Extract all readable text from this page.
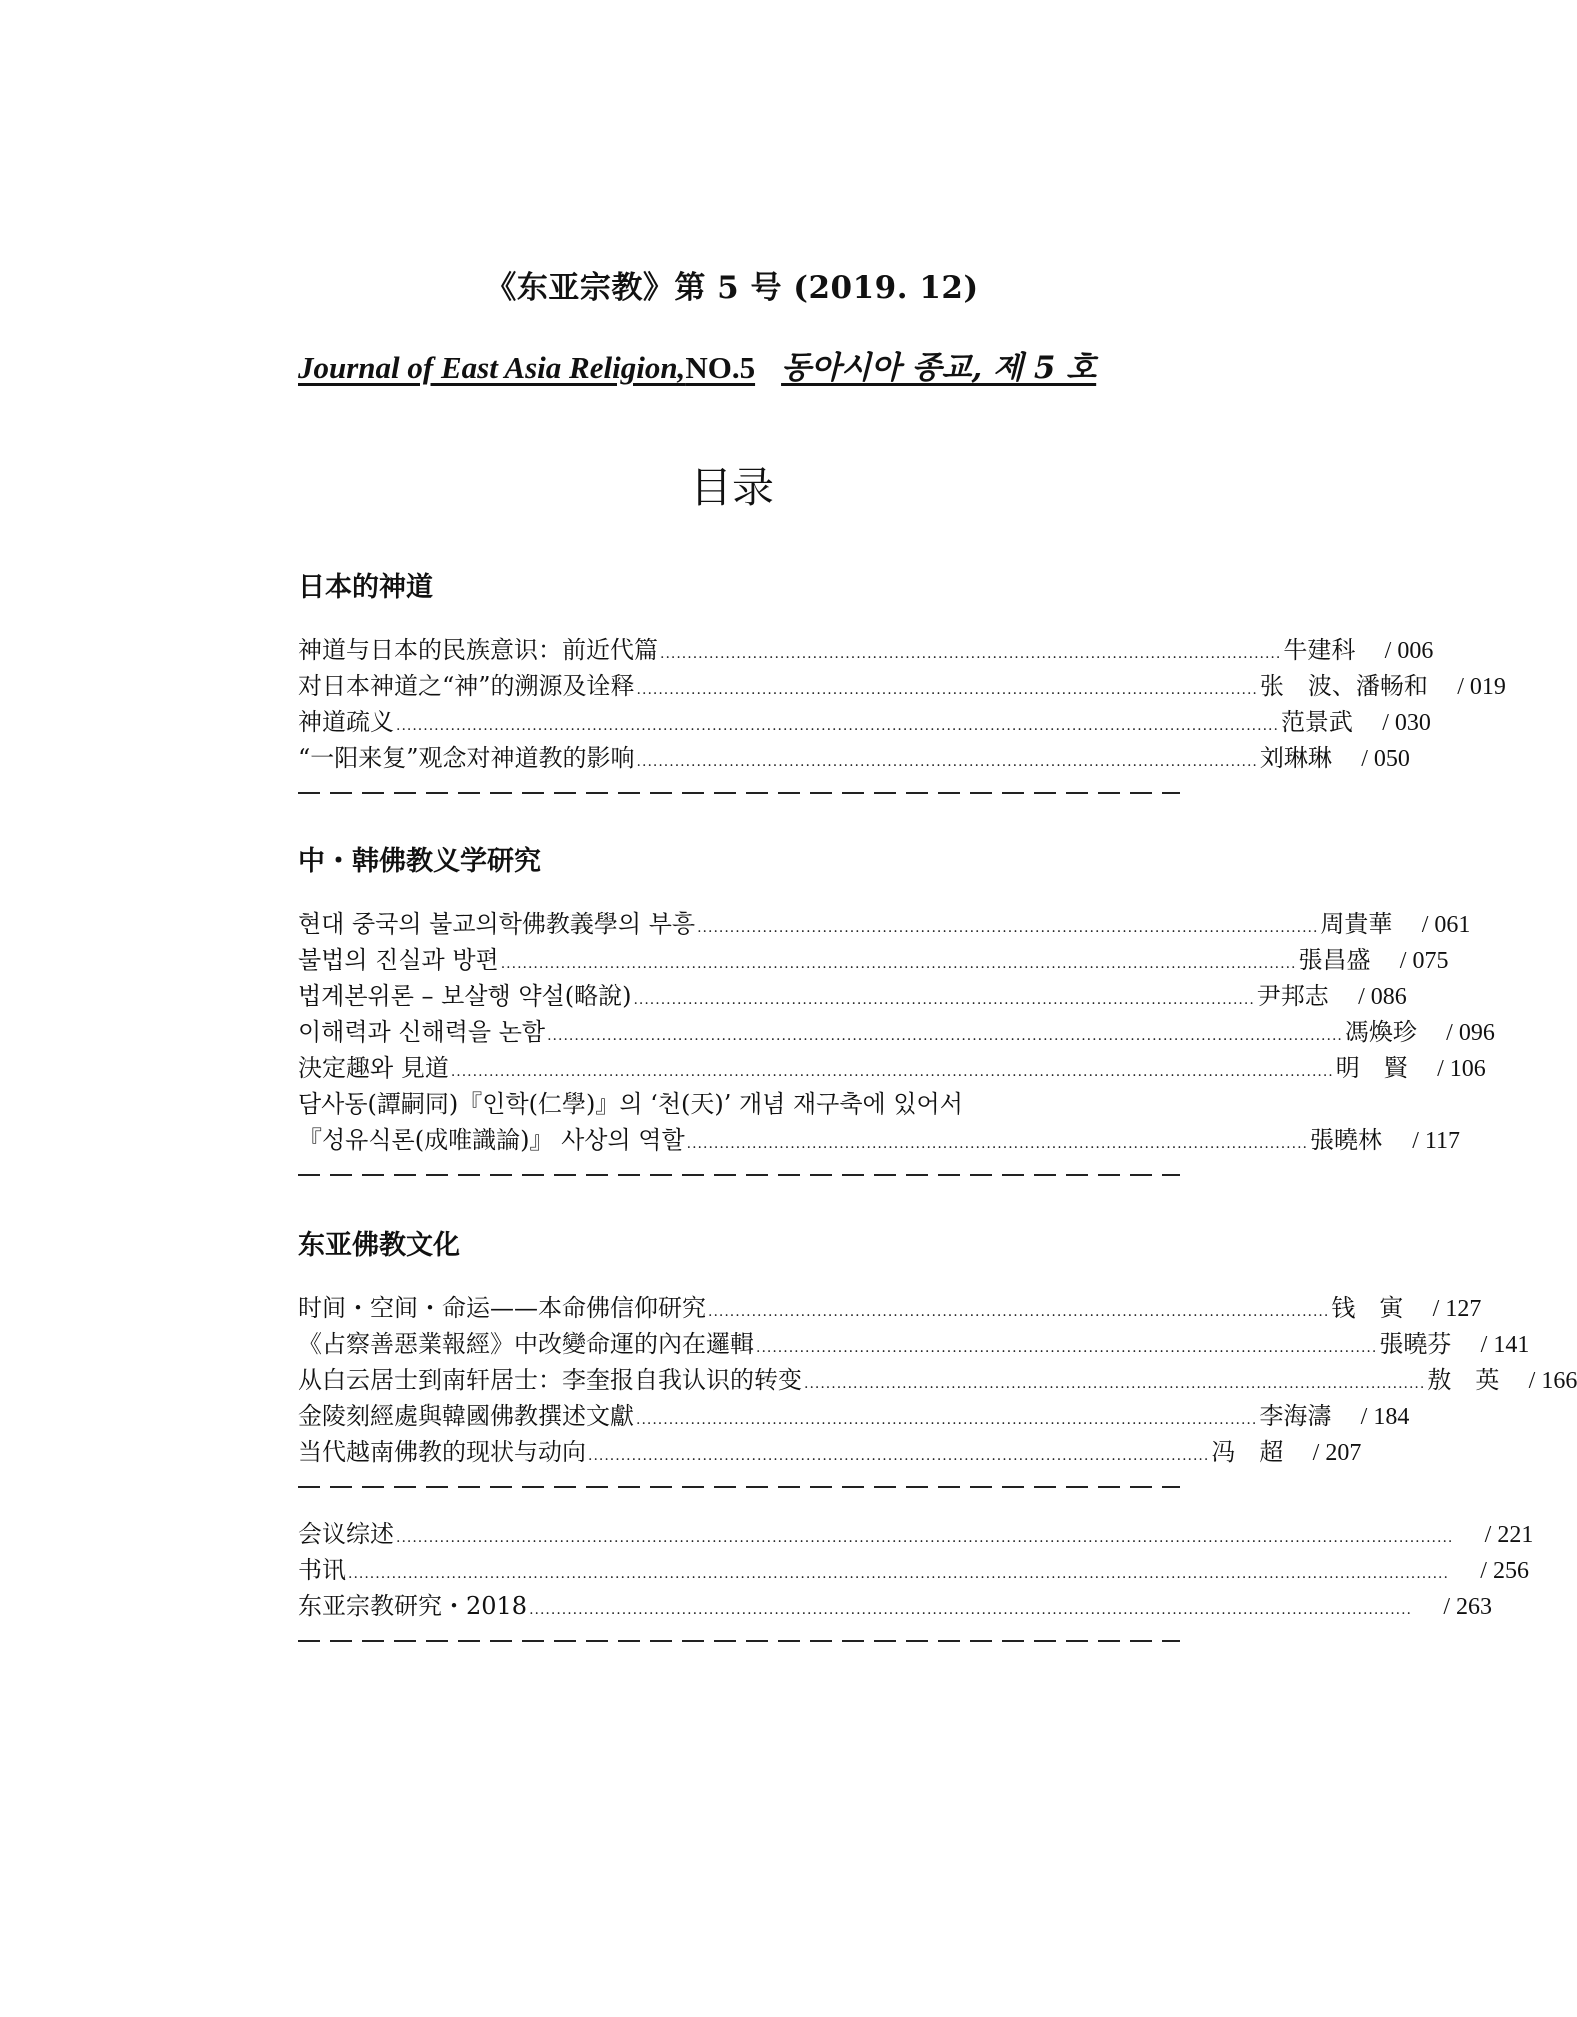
《东亚宗教》第 5 号 (2019. 12)
Journal of East Asia Religion,NO.5 동아시아 종교, 제 5 호
目录
日本的神道
神道与日本的民族意识：前近代篇 .................................................................................................................. 牛建科	/ 006
对日本神道之“神”的溯源及诠释 .................................................................................................................. 张　波、潘畅和	/ 019
神道疏义 .................................................................................................................................................................. 范景武	/ 030
“一阳来复”观念对神道教的影响 .................................................................................................................. 刘琳琳	/ 050
中・韩佛教义学研究
현대 중국의 불교의학佛教義學의 부흥 .................................................................................................................. 周貴華	/ 061
불법의 진실과 방편 .................................................................................................................................................. 張昌盛	/ 075
법계본위론 – 보살행 약설(略說) .................................................................................................................. 尹邦志	/ 086
이해력과 신해력을 논함 .................................................................................................................................................. 馮煥珍	/ 096
決定趣와 見道 .................................................................................................................................................................. 明　賢	/ 106
담사동(譚嗣同)『인학(仁學)』의 ‘천(天)’ 개념 재구축에 있어서
『성유식론(成唯識論)』 사상의 역할 .................................................................................................................. 張曉林	/ 117
东亚佛教文化
时间・空间・命运——本命佛信仰研究 .................................................................................................................. 钱　寅	/ 127
《占察善惡業報經》中改變命運的內在邏輯 .................................................................................................................. 張曉芬	/ 141
从白云居士到南轩居士：李奎报自我认识的转变 .................................................................................................................. 敖　英	/ 166
金陵刻經處與韓國佛教撰述文獻 .................................................................................................................. 李海濤	/ 184
当代越南佛教的现状与动向 .................................................................................................................. 冯　超	/ 207
会议综述 ..................................................................................................................................................................................................	/ 221
书讯 ..........................................................................................................................................................................................................	/ 256
东亚宗教研究・2018 ..................................................................................................................................................................	/ 263
